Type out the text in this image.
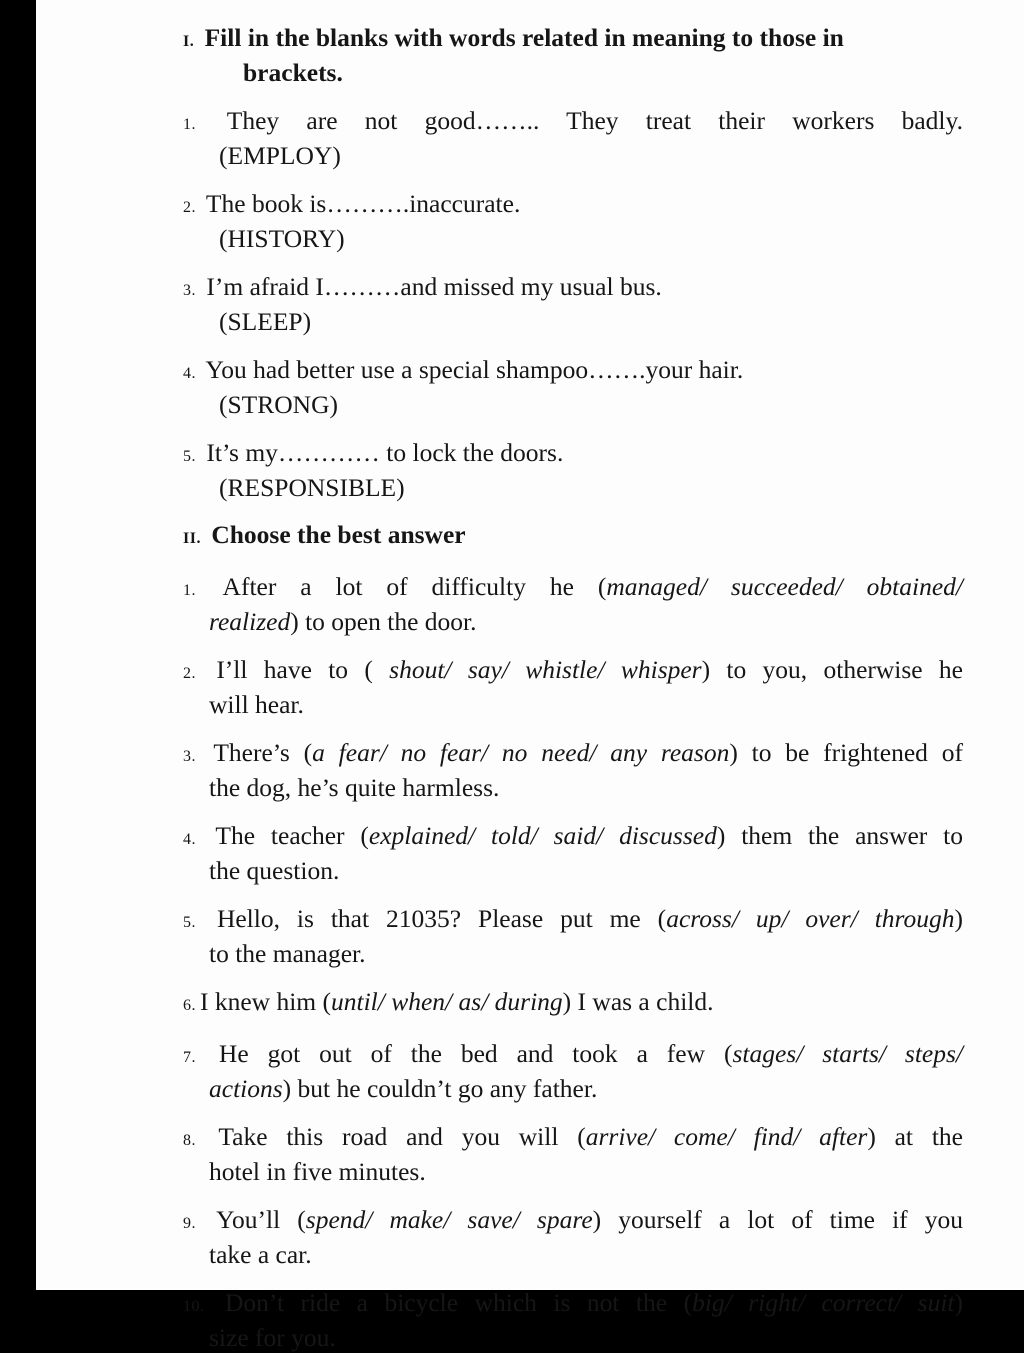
I. Fill in the blanks with words related in meaning to those in
brackets.
1. They are not good…….. They treat their workers badly.
(EMPLOY)
2. The book is……….inaccurate.
(HISTORY)
3. I’m afraid I………and missed my usual bus.
(SLEEP)
4. You had better use a special shampoo…….your hair.
(STRONG)
5. It’s my………… to lock the doors.
(RESPONSIBLE)
II. Choose the best answer
1. After a lot of difficulty he (managed/ succeeded/ obtained/
realized) to open the door.
2. I’ll have to ( shout/ say/ whistle/ whisper) to you, otherwise he
will hear.
3. There’s (a fear/ no fear/ no need/ any reason) to be frightened of
the dog, he’s quite harmless.
4. The teacher (explained/ told/ said/ discussed) them the answer to
the question.
5. Hello, is that 21035? Please put me (across/ up/ over/ through)
to the manager.
6. I knew him (until/ when/ as/ during) I was a child.
7. He got out of the bed and took a few (stages/ starts/ steps/
actions) but he couldn’t go any father.
8. Take this road and you will (arrive/ come/ find/ after) at the
hotel in five minutes.
9. You’ll (spend/ make/ save/ spare) yourself a lot of time if you
take a car.
10. Don’t ride a bicycle which is not the (big/ right/ correct/ suit)
size for you.
